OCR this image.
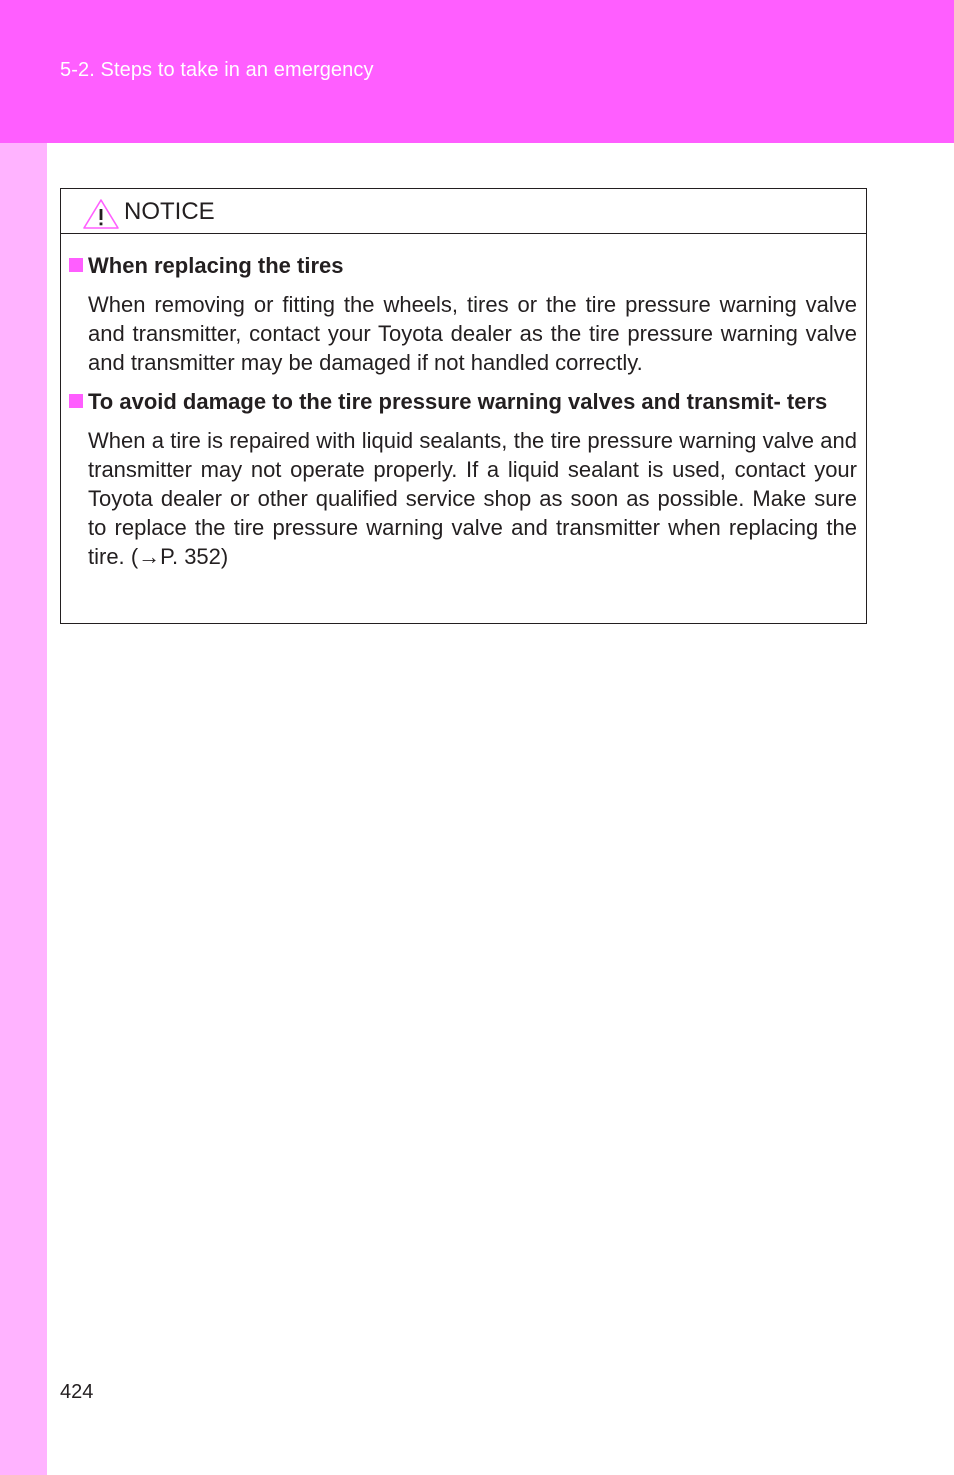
5-2. Steps to take in an emergency
NOTICE
When replacing the tires
When removing or fitting the wheels, tires or the tire pressure warning valve and transmitter, contact your Toyota dealer as the tire pressure warning valve and transmitter may be damaged if not handled correctly.
To avoid damage to the tire pressure warning valves and transmit- ters
When a tire is repaired with liquid sealants, the tire pressure warning valve and transmitter may not operate properly. If a liquid sealant is used, contact your Toyota dealer or other qualified service shop as soon as possible. Make sure to replace the tire pressure warning valve and transmitter when replacing the tire. (→P. 352)
424
